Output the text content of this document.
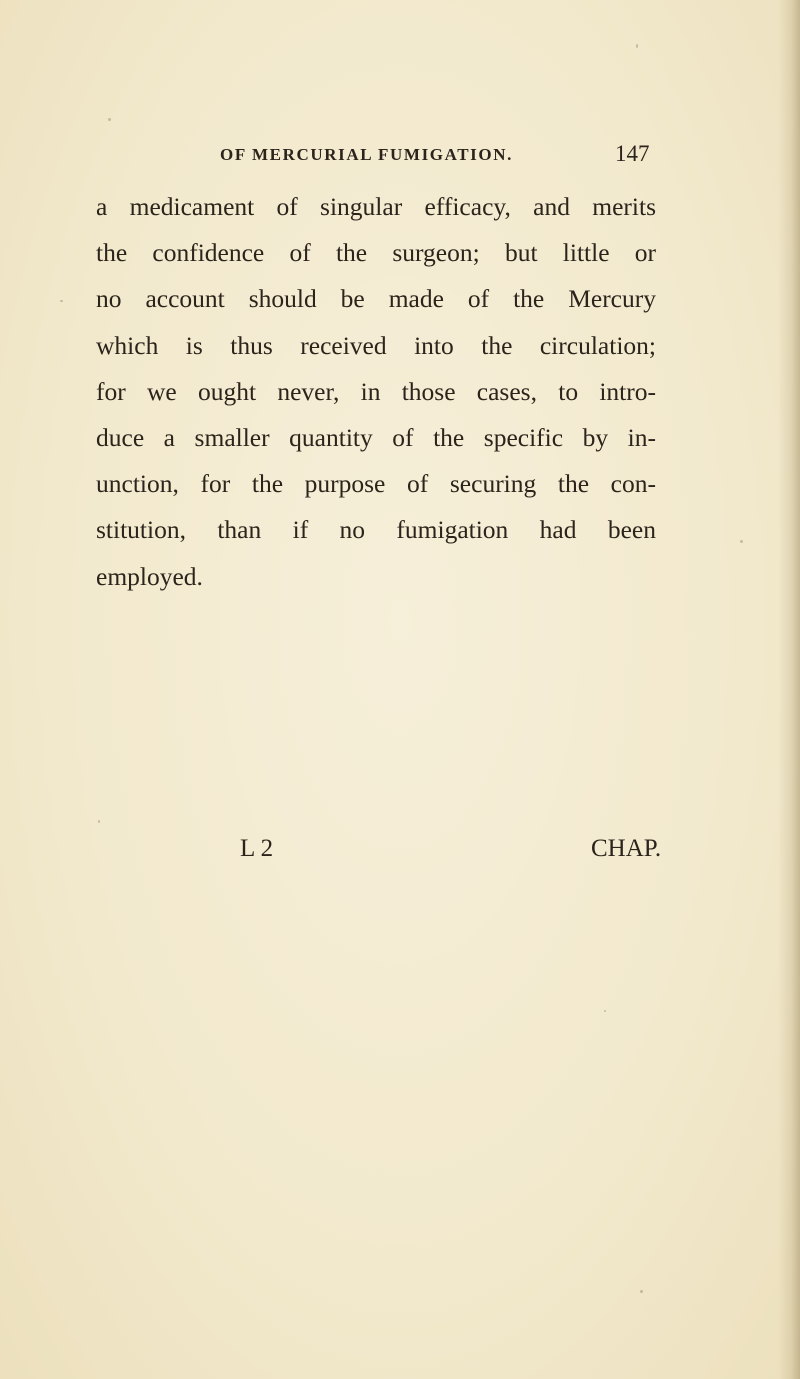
OF MERCURIAL FUMIGATION.	147
a medicament of singular efficacy, and merits
the confidence of the surgeon; but little or
no account should be made of the Mercury
which is thus received into the circulation;
for we ought never, in those cases, to intro-
duce a smaller quantity of the specific by in-
unction, for the purpose of securing the con-
stitution, than if no fumigation had been
employed.
L 2	CHAP.
